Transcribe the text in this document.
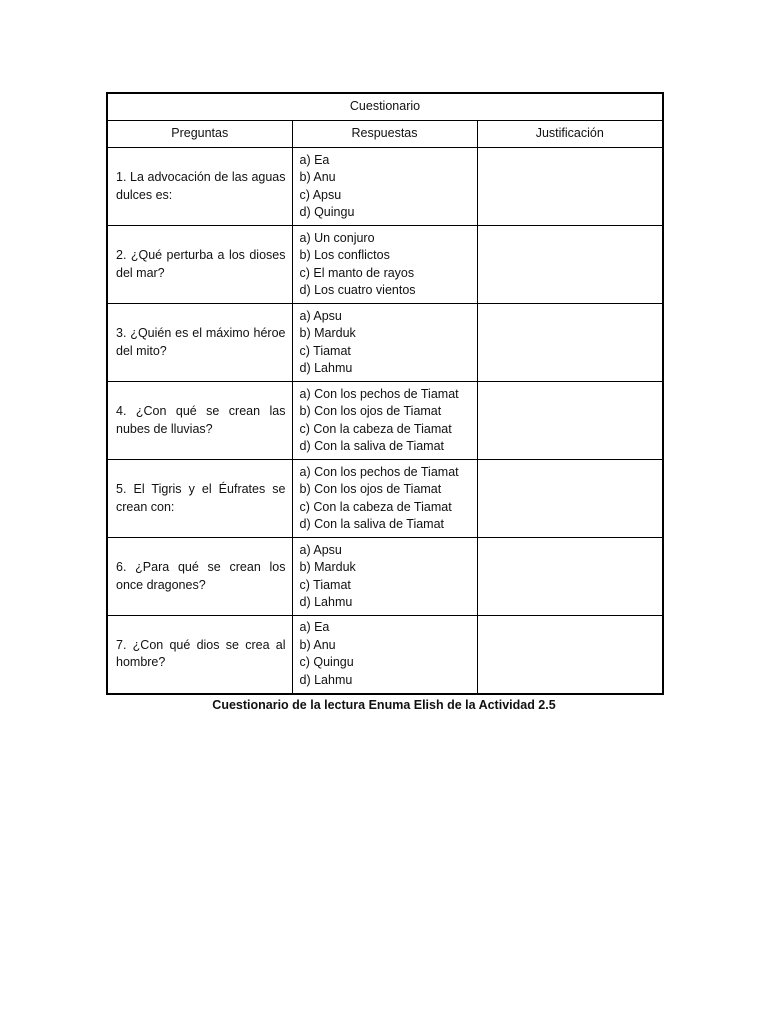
Cuestionario		
Preguntas	Respuestas	Justificación
1. La advocación de las aguas dulces es:	a) Ea
b) Anu
c) Apsu
d) Quingu	

2. ¿Qué perturba a los dioses del mar?	a) Un conjuro
b) Los conflictos
c) El manto de rayos
d) Los cuatro vientos	

3. ¿Quién es el máximo héroe del mito?	a) Apsu
b) Marduk
c) Tiamat
d) Lahmu	

4. ¿Con qué se crean las nubes de lluvias?	a) Con los pechos de Tiamat
b) Con los ojos de Tiamat
c) Con la cabeza de Tiamat
d) Con la saliva de Tiamat	

5. El Tigris y el Éufrates se crean con:	a) Con los pechos de Tiamat
b) Con los ojos de Tiamat
c) Con la cabeza de Tiamat
d) Con la saliva de Tiamat	

6. ¿Para qué se crean los once dragones?	a) Apsu
b) Marduk
c) Tiamat
d) Lahmu	

7. ¿Con qué dios se crea al hombre?	a) Ea
b) Anu
c) Quingu
d) Lahmu	

Cuestionario de la lectura Enuma Elish de la Actividad 2.5
